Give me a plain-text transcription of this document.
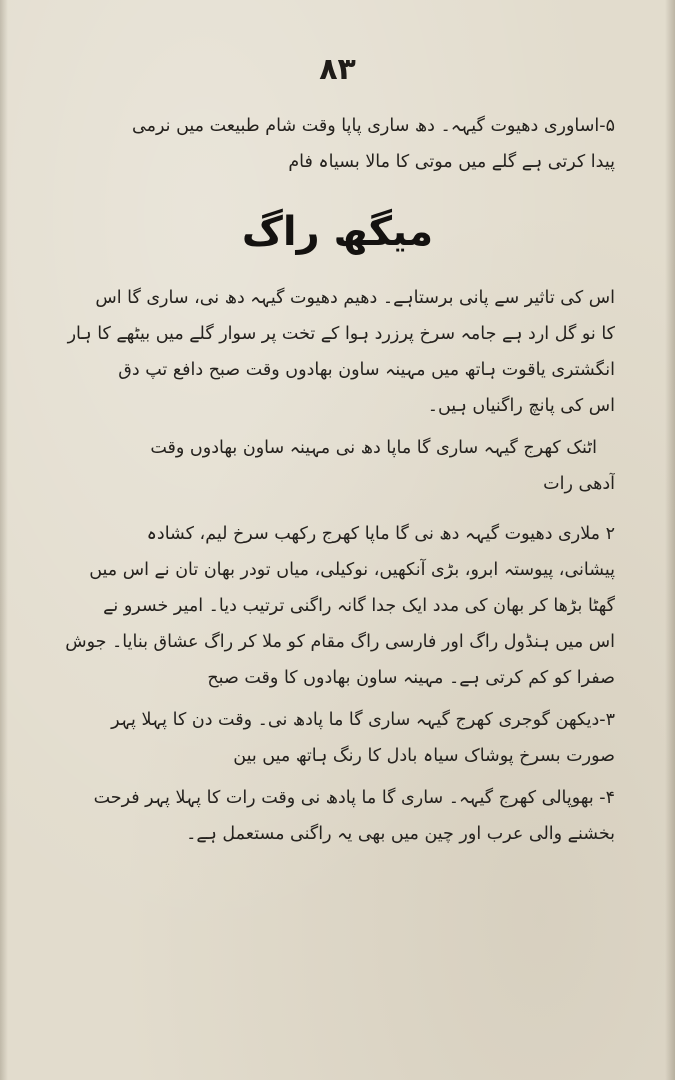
۸۳
۵-اساوری دھیوت گیہہ۔ دھ ساری پاپا وقت شام طبیعت میں نرمی
پیدا کرتی ہے گلے میں موتی کا مالا بسیاہ فام
میگھ راگ
اس کی تاثیر سے پانی برستاہے۔ دھیم دھیوت گیہہ دھ نی، ساری گا اس
کا نو گل ارد ہے جامہ سرخ پرزرد ہوا کے تخت پر سوار گلے میں بیٹھے کا ہار
انگشتری یاقوت ہاتھ میں مہینہ ساون بھادوں وقت صبح دافع تپ دق
اس کی پانچ راگنیاں ہیں۔
اٹنک کھرج گیہہ ساری گا ماپا دھ نی مہینہ ساون بھادوں وقت
آدھی رات
۲ ملاری دھیوت گیہہ دھ نی گا ماپا کھرج رکھب سرخ لیم، کشادہ
پیشانی، پیوستہ ابرو، بڑی آنکھیں، نوکیلی، میاں تودر بھان تان نے اس میں
گھٹا بڑھا کر بھان کی مدد ایک جدا گانہ راگنی ترتیب دیا۔ امیر خسرو نے
اس میں ہنڈول راگ اور فارسی راگ مقام کو ملا کر راگ عشاق بنایا۔ جوش
صفرا کو کم کرتی ہے۔ مہینہ ساون بھادوں کا وقت صبح
۳-دیکھن گوجری کھرج گیہہ ساری گا ما پادھ نی۔ وقت دن کا پہلا پہر
صورت بسرخ پوشاک سیاہ بادل کا رنگ ہاتھ میں بین
۴- بھوپالی کھرج گیہہ۔ ساری گا ما پادھ نی وقت رات کا پہلا پہر فرحت
بخشنے والی عرب اور چین میں بھی یہ راگنی مستعمل ہے۔
